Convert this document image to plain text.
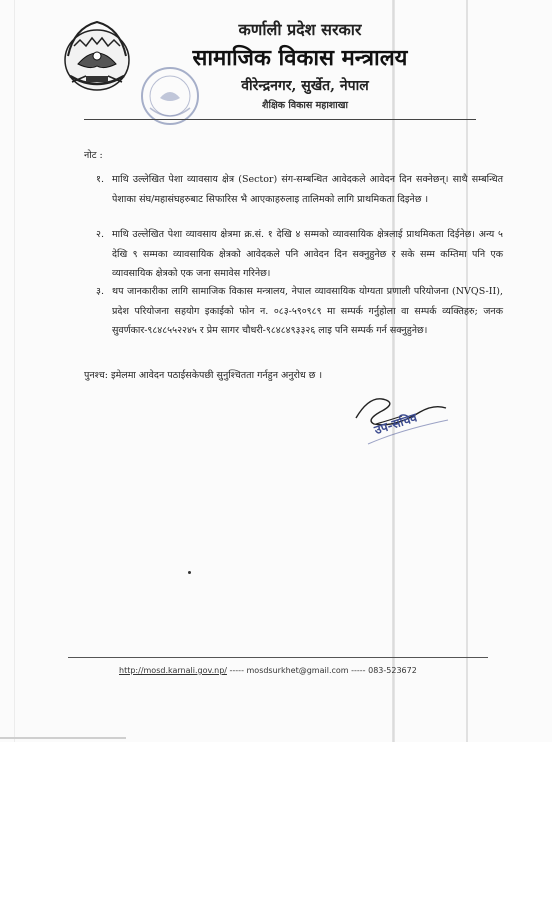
कर्णाली प्रदेश सरकार
सामाजिक विकास मन्त्रालय
वीरेन्द्रनगर, सुर्खेत, नेपाल
शैक्षिक विकास महाशाखा
नोट :
१. माथि उल्लेखित पेशा व्यावसाय क्षेत्र (Sector) संग-सम्बन्धित आवेदकले आवेदन दिन सक्नेछन्। साथै सम्बन्धित पेशाका संघ/महासंघहरुबाट सिफारिस भै आएकाहरुलाइ तालिमको लागि प्राथमिकता दिइनेछ ।
२. माथि उल्लेखित पेशा व्यावसाय क्षेत्रमा क्र.सं. १ देखि ४ सम्मको व्यावसायिक क्षेत्रलाई प्राथमिकता दिईनेछ। अन्य ५ देखि ९ सम्मका व्यावसायिक क्षेत्रको आवेदकले पनि आवेदन दिन सक्नुहुनेछ र सके सम्म कम्तिमा पनि एक व्यावसायिक क्षेत्रको एक जना समावेस गरिनेछ।
३. थप जानकारीका लागि सामाजिक विकास मन्त्रालय, नेपाल व्यावसायिक योग्यता प्रणाली परियोजना (NVQS-II), प्रदेश परियोजना सहयोग इकाईको फोन न. ०८३-५९०९८९ मा सम्पर्क गर्नुहोला वा सम्पर्क व्यक्तिहरु; जनक सुवर्णकार-९८४८५५२२४५ र प्रेम सागर चौधरी-९८४८४९३३२६ लाइ पनि सम्पर्क गर्न सक्नुहुनेछ।
पुनश्च: इमेलमा आवेदन पठाईसकेपछी सुनुश्चितता गर्नहुन अनुरोध छ ।
उप-सचिव
http://mosd.karnali.gov.np/ ----- mosdsurkhet@gmail.com ----- 083-523672
